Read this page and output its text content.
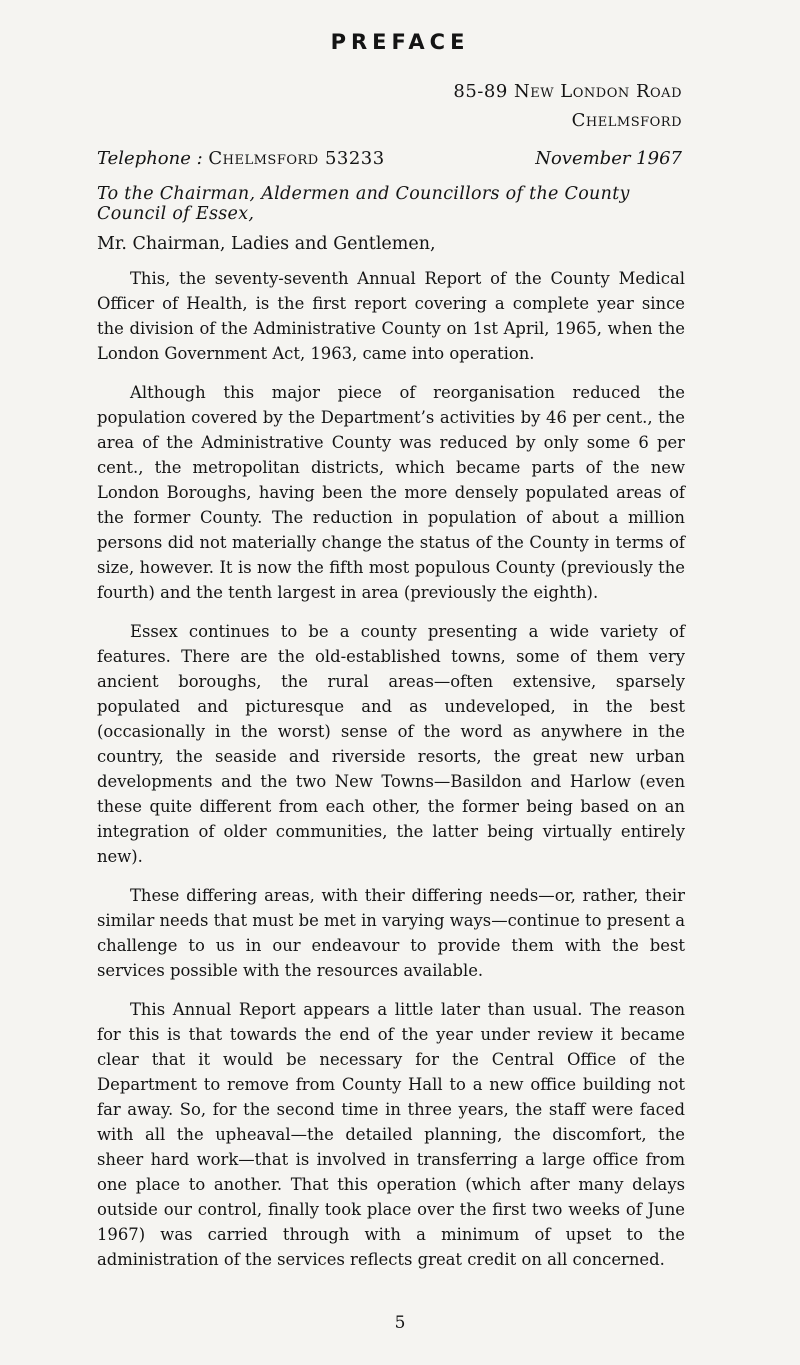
PREFACE
85-89 New London Road
Chelmsford
Telephone : Chelmsford 53233	November 1967
To the Chairman, Aldermen and Councillors of the County Council of Essex,
Mr. Chairman, Ladies and Gentlemen,

This, the seventy-seventh Annual Report of the County Medical Officer of Health, is the first report covering a complete year since the division of the Administrative County on 1st April, 1965, when the London Government Act, 1963, came into operation.

Although this major piece of reorganisation reduced the population covered by the Department’s activities by 46 per cent., the area of the Administrative County was reduced by only some 6 per cent., the metropolitan districts, which became parts of the new London Boroughs, having been the more densely populated areas of the former County. The reduction in population of about a million persons did not materially change the status of the County in terms of size, however. It is now the fifth most populous County (previously the fourth) and the tenth largest in area (previously the eighth).

Essex continues to be a county presenting a wide variety of features. There are the old-established towns, some of them very ancient boroughs, the rural areas—often extensive, sparsely populated and picturesque and as undeveloped, in the best (occasionally in the worst) sense of the word as anywhere in the country, the seaside and riverside resorts, the great new urban developments and the two New Towns—Basildon and Harlow (even these quite different from each other, the former being based on an integration of older communities, the latter being virtually entirely new).

These differing areas, with their differing needs—or, rather, their similar needs that must be met in varying ways—continue to present a challenge to us in our endeavour to provide them with the best services possible with the resources available.

This Annual Report appears a little later than usual. The reason for this is that towards the end of the year under review it became clear that it would be necessary for the Central Office of the Department to remove from County Hall to a new office building not far away. So, for the second time in three years, the staff were faced with all the upheaval—the detailed planning, the discomfort, the sheer hard work—that is involved in transferring a large office from one place to another. That this operation (which after many delays outside our control, finally took place over the first two weeks of June 1967) was carried through with a minimum of upset to the administration of the services reflects great credit on all concerned.

5
